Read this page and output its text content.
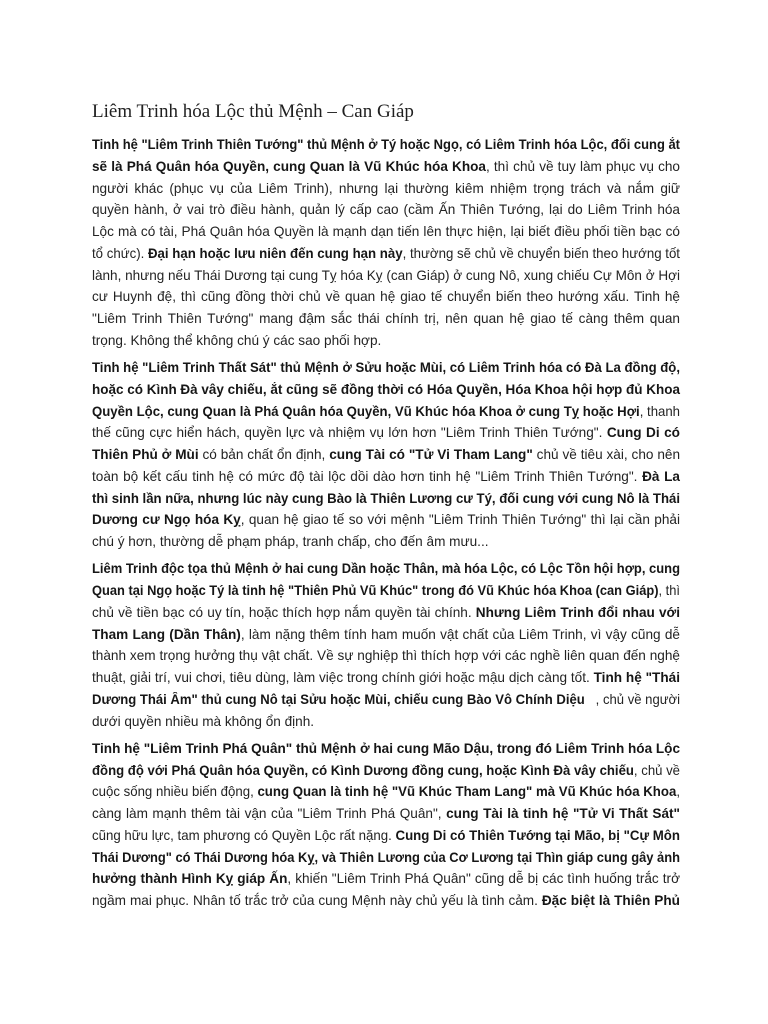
Liêm Trinh hóa Lộc thủ Mệnh – Can Giáp
Tinh hệ "Liêm Trinh Thiên Tướng" thủ Mệnh ở Tý hoặc Ngọ, có Liêm Trinh hóa Lộc, đối cung ắt
sẽ là Phá Quân hóa Quyền, cung Quan là Vũ Khúc hóa Khoa, thì chủ về tuy làm phục vụ cho
người khác (phục vụ của Liêm Trinh), nhưng lại thường kiêm nhiệm trọng trách và nắm giữ
quyền hành, ở vai trò điều hành, quản lý cấp cao (cầm Ấn Thiên Tướng, lại do Liêm Trinh hóa
Lộc mà có tài, Phá Quân hóa Quyền là mạnh dạn tiến lên thực hiện, lại biết điều phối tiền bạc có
tổ chức). Đại hạn hoặc lưu niên đến cung hạn này, thường sẽ chủ về chuyển biến theo hướng tốt
lành, nhưng nếu Thái Dương tại cung Tỵ hóa Kỵ (can Giáp) ở cung Nô, xung chiếu Cự Môn ở Hợi
cư Huynh đệ, thì cũng đồng thời chủ về quan hệ giao tế chuyển biến theo hướng xấu. Tinh hệ
"Liêm Trinh Thiên Tướng" mang đậm sắc thái chính trị, nên quan hệ giao tế càng thêm quan
trọng. Không thể không chú ý các sao phối hợp.
Tinh hệ "Liêm Trinh Thất Sát" thủ Mệnh ở Sửu hoặc Mùi, có Liêm Trinh hóa có Đà La đồng độ,
hoặc có Kình Đà vây chiếu, ắt cũng sẽ đồng thời có Hóa Quyền, Hóa Khoa hội hợp đủ Khoa
Quyền Lộc, cung Quan là Phá Quân hóa Quyền, Vũ Khúc hóa Khoa ở cung Tỵ hoặc Hợi, thanh
thế cũng cực hiển hách, quyền lực và nhiệm vụ lớn hơn "Liêm Trinh Thiên Tướng". Cung Di có
Thiên Phủ ở Mùi có bản chất ổn định, cung Tài có "Tử Vi Tham Lang" chủ về tiêu xài, cho nên
toàn bộ kết cấu tinh hệ có mức độ tài lộc dồi dào hơn tinh hệ "Liêm Trinh Thiên Tướng". Đà La
thì sinh lần nữa, nhưng lúc này cung Bào là Thiên Lương cư Tý, đối cung với cung Nô là Thái
Dương cư Ngọ hóa Kỵ, quan hệ giao tế so với mệnh "Liêm Trinh Thiên Tướng" thì lại cần phải
chú ý hơn, thường dễ phạm pháp, tranh chấp, cho đến âm mưu...
Liêm Trinh độc tọa thủ Mệnh ở hai cung Dần hoặc Thân, mà hóa Lộc, có Lộc Tồn hội hợp, cung
Quan tại Ngọ hoặc Tý là tinh hệ "Thiên Phủ Vũ Khúc" trong đó Vũ Khúc hóa Khoa (can Giáp), thì
chủ về tiền bạc có uy tín, hoặc thích hợp nắm quyền tài chính. Nhưng Liêm Trinh đổi nhau với
Tham Lang (Dần Thân), làm nặng thêm tính ham muốn vật chất của Liêm Trinh, vì vậy cũng dễ
thành xem trọng hưởng thụ vật chất. Về sự nghiệp thì thích hợp với các nghề liên quan đến nghệ
thuật, giải trí, vui chơi, tiêu dùng, làm việc trong chính giới hoặc mậu dịch càng tốt. Tinh hệ "Thái
Dương Thái Âm" thủ cung Nô tại Sửu hoặc Mùi, chiếu cung Bào Vô Chính Diệu   , chủ về người
dưới quyền nhiều mà không ổn định.
Tinh hệ "Liêm Trinh Phá Quân" thủ Mệnh ở hai cung Mão Dậu, trong đó Liêm Trinh hóa Lộc
đồng độ với Phá Quân hóa Quyền, có Kình Dương đồng cung, hoặc Kình Đà vây chiếu, chủ về
cuộc sống nhiều biến động, cung Quan là tinh hệ "Vũ Khúc Tham Lang" mà Vũ Khúc hóa Khoa,
càng làm mạnh thêm tài vận của "Liêm Trinh Phá Quân", cung Tài là tinh hệ "Tử Vi Thất Sát"
cũng hữu lực, tam phương có Quyền Lộc rất nặng. Cung Di có Thiên Tướng tại Mão, bị "Cự Môn
Thái Dương" có Thái Dương hóa Kỵ, và Thiên Lương của Cơ Lương tại Thìn giáp cung gây ảnh
hưởng thành Hình Kỵ giáp Ấn, khiến "Liêm Trinh Phá Quân" cũng dễ bị các tình huống trắc trở
ngầm mai phục. Nhân tố trắc trở của cung Mệnh này chủ yếu là tình cảm. Đặc biệt là Thiên Phủ
